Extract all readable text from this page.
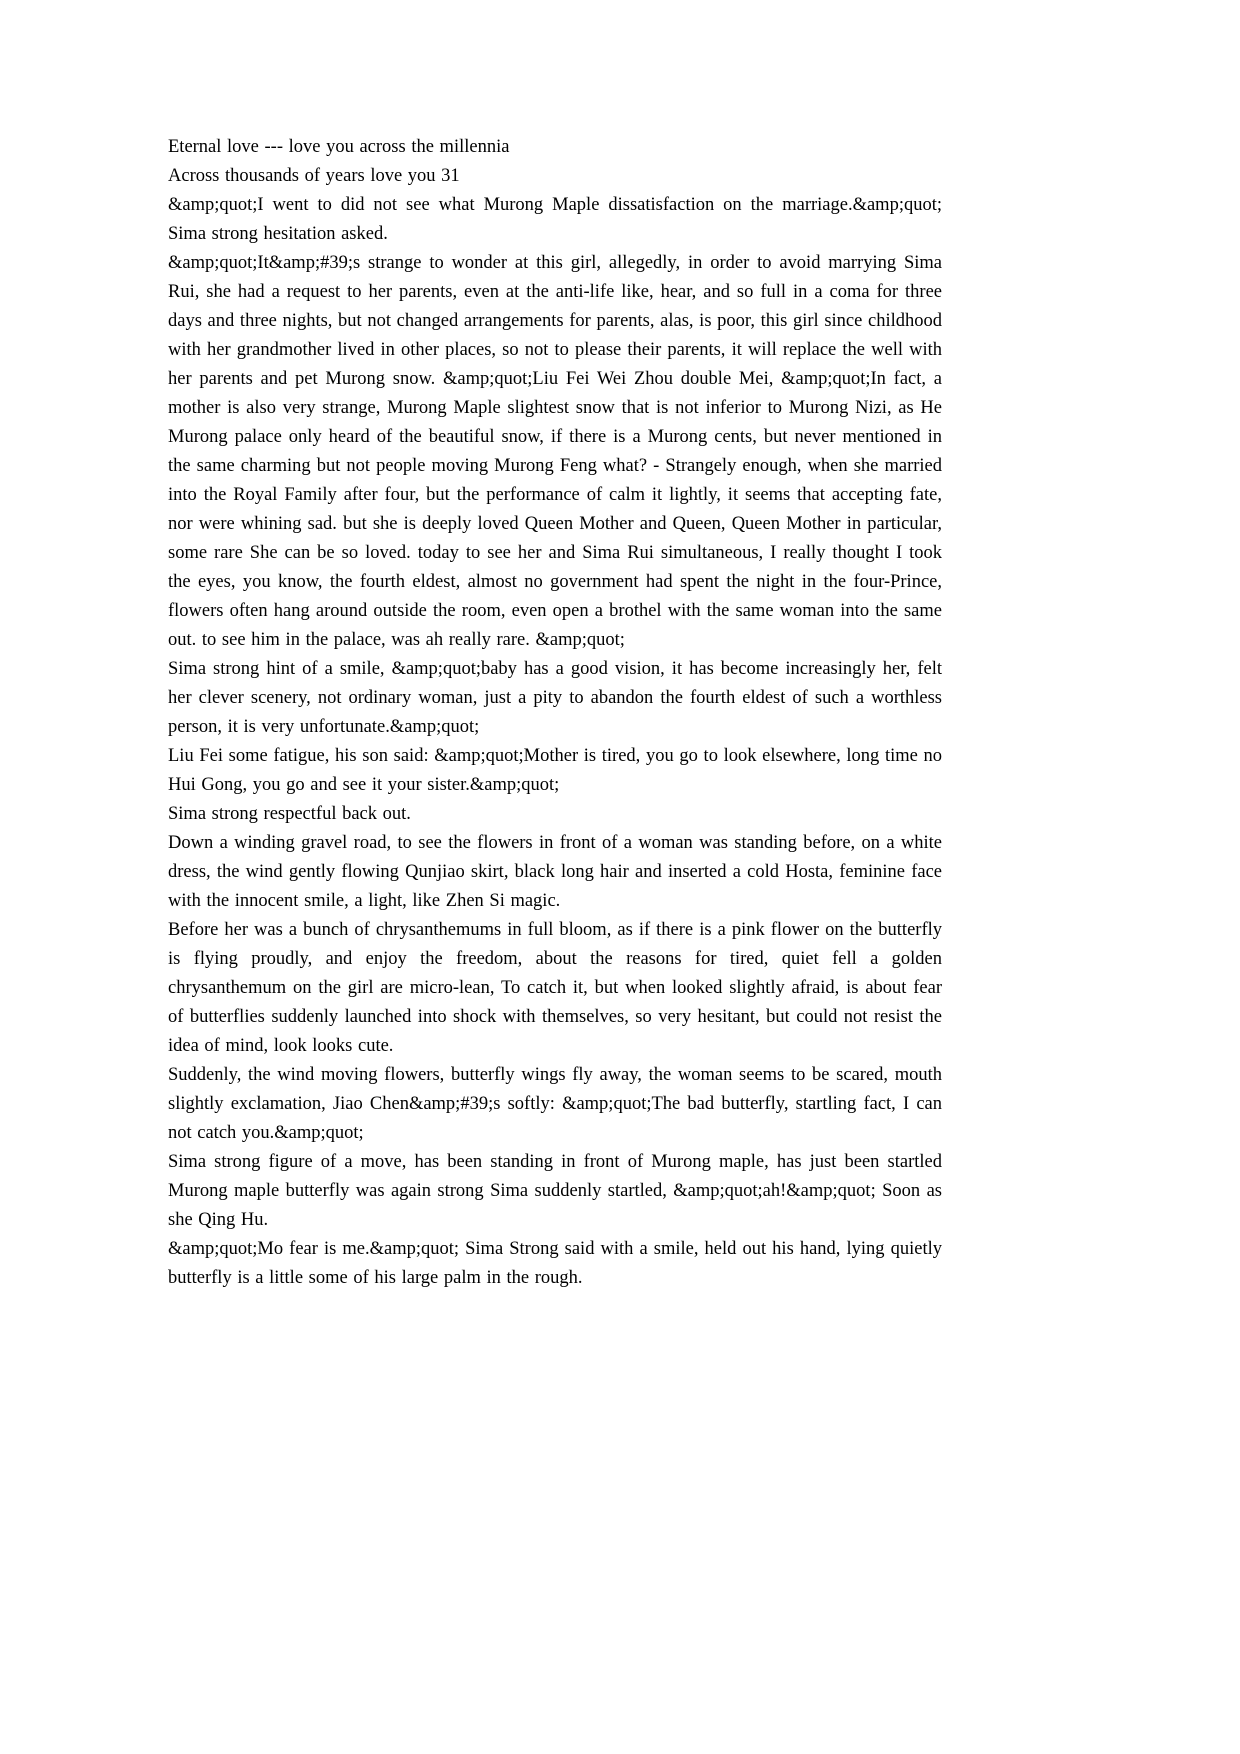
Eternal love --- love you across the millennia

Across thousands of years love you 31

&amp;quot;I went to did not see what Murong Maple dissatisfaction on the marriage.&amp;quot; Sima strong hesitation asked.

&amp;quot;It&amp;#39;s strange to wonder at this girl, allegedly, in order to avoid marrying Sima Rui, she had a request to her parents, even at the anti-life like, hear, and so full in a coma for three days and three nights, but not changed arrangements for parents, alas, is poor, this girl since childhood with her grandmother lived in other places, so not to please their parents, it will replace the well with her parents and pet Murong snow. &amp;quot;Liu Fei Wei Zhou double Mei, &amp;quot;In fact, a mother is also very strange, Murong Maple slightest snow that is not inferior to Murong Nizi, as He Murong palace only heard of the beautiful snow, if there is a Murong cents, but never mentioned in the same charming but not people moving Murong Feng what? - Strangely enough, when she married into the Royal Family after four, but the performance of calm it lightly, it seems that accepting fate, nor were whining sad. but she is deeply loved Queen Mother and Queen, Queen Mother in particular, some rare She can be so loved. today to see her and Sima Rui simultaneous, I really thought I took the eyes, you know, the fourth eldest, almost no government had spent the night in the four-Prince, flowers often hang around outside the room, even open a brothel with the same woman into the same out. to see him in the palace, was ah really rare. &amp;quot;

Sima strong hint of a smile, &amp;quot;baby has a good vision, it has become increasingly her, felt her clever scenery, not ordinary woman, just a pity to abandon the fourth eldest of such a worthless person, it is very unfortunate.&amp;quot;

Liu Fei some fatigue, his son said: &amp;quot;Mother is tired, you go to look elsewhere, long time no Hui Gong, you go and see it your sister.&amp;quot;

Sima strong respectful back out.

Down a winding gravel road, to see the flowers in front of a woman was standing before, on a white dress, the wind gently flowing Qunjiao skirt, black long hair and inserted a cold Hosta, feminine face with the innocent smile, a light, like Zhen Si magic.

Before her was a bunch of chrysanthemums in full bloom, as if there is a pink flower on the butterfly is flying proudly, and enjoy the freedom, about the reasons for tired, quiet fell a golden chrysanthemum on the girl are micro-lean, To catch it, but when looked slightly afraid, is about fear of butterflies suddenly launched into shock with themselves, so very hesitant, but could not resist the idea of mind, look looks cute.

Suddenly, the wind moving flowers, butterfly wings fly away, the woman seems to be scared, mouth slightly exclamation, Jiao Chen&amp;#39;s softly: &amp;quot;The bad butterfly, startling fact, I can not catch you.&amp;quot;

Sima strong figure of a move, has been standing in front of Murong maple, has just been startled Murong maple butterfly was again strong Sima suddenly startled, &amp;quot;ah!&amp;quot; Soon as she Qing Hu.

&amp;quot;Mo fear is me.&amp;quot; Sima Strong said with a smile, held out his hand, lying quietly butterfly is a little some of his large palm in the rough.
